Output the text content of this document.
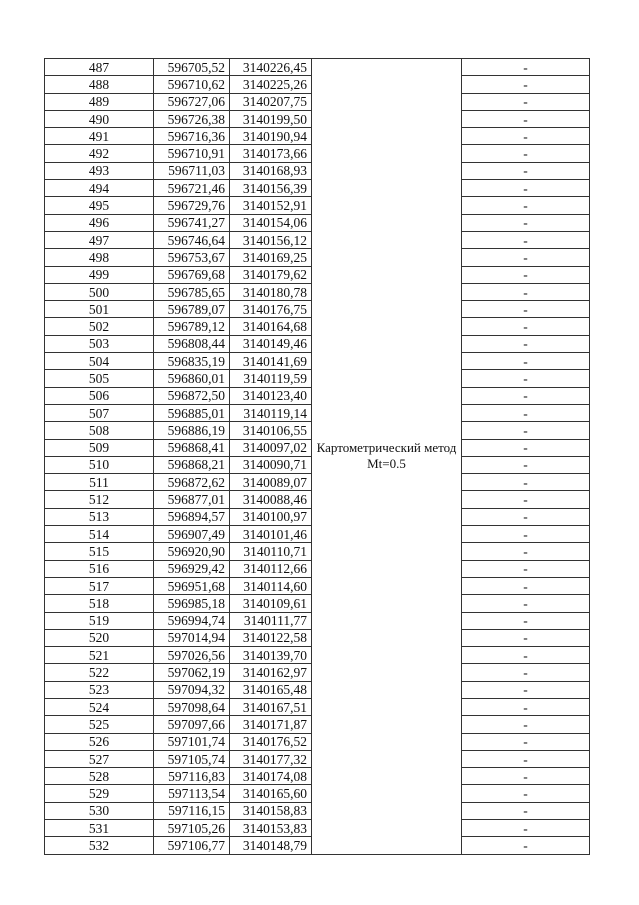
487	596705,52	3140226,45	Картометрический метод Mt=0.5	-
488	596710,62	3140225,26		-
489	596727,06	3140207,75		-
490	596726,38	3140199,50		-
491	596716,36	3140190,94		-
492	596710,91	3140173,66		-
493	596711,03	3140168,93		-
494	596721,46	3140156,39		-
495	596729,76	3140152,91		-
496	596741,27	3140154,06		-
497	596746,64	3140156,12		-
498	596753,67	3140169,25		-
499	596769,68	3140179,62		-
500	596785,65	3140180,78		-
501	596789,07	3140176,75		-
502	596789,12	3140164,68		-
503	596808,44	3140149,46		-
504	596835,19	3140141,69		-
505	596860,01	3140119,59		-
506	596872,50	3140123,40		-
507	596885,01	3140119,14		-
508	596886,19	3140106,55		-
509	596868,41	3140097,02		-
510	596868,21	3140090,71		-
511	596872,62	3140089,07		-
512	596877,01	3140088,46		-
513	596894,57	3140100,97		-
514	596907,49	3140101,46		-
515	596920,90	3140110,71		-
516	596929,42	3140112,66		-
517	596951,68	3140114,60		-
518	596985,18	3140109,61		-
519	596994,74	3140111,77		-
520	597014,94	3140122,58		-
521	597026,56	3140139,70		-
522	597062,19	3140162,97		-
523	597094,32	3140165,48		-
524	597098,64	3140167,51		-
525	597097,66	3140171,87		-
526	597101,74	3140176,52		-
527	597105,74	3140177,32		-
528	597116,83	3140174,08		-
529	597113,54	3140165,60		-
530	597116,15	3140158,83		-
531	597105,26	3140153,83		-
532	597106,77	3140148,79		-
